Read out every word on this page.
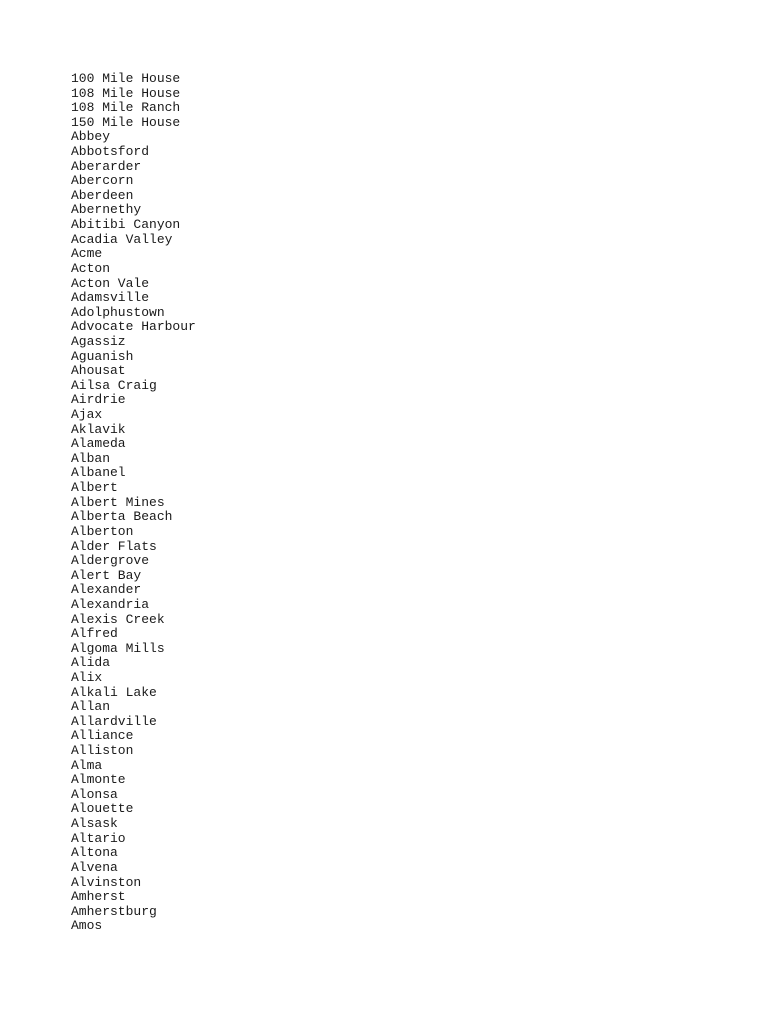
100 Mile House
108 Mile House
108 Mile Ranch
150 Mile House
Abbey
Abbotsford
Aberarder
Abercorn
Aberdeen
Abernethy
Abitibi Canyon
Acadia Valley
Acme
Acton
Acton Vale
Adamsville
Adolphustown
Advocate Harbour
Agassiz
Aguanish
Ahousat
Ailsa Craig
Airdrie
Ajax
Aklavik
Alameda
Alban
Albanel
Albert
Albert Mines
Alberta Beach
Alberton
Alder Flats
Aldergrove
Alert Bay
Alexander
Alexandria
Alexis Creek
Alfred
Algoma Mills
Alida
Alix
Alkali Lake
Allan
Allardville
Alliance
Alliston
Alma
Almonte
Alonsa
Alouette
Alsask
Altario
Altona
Alvena
Alvinston
Amherst
Amherstburg
Amos
